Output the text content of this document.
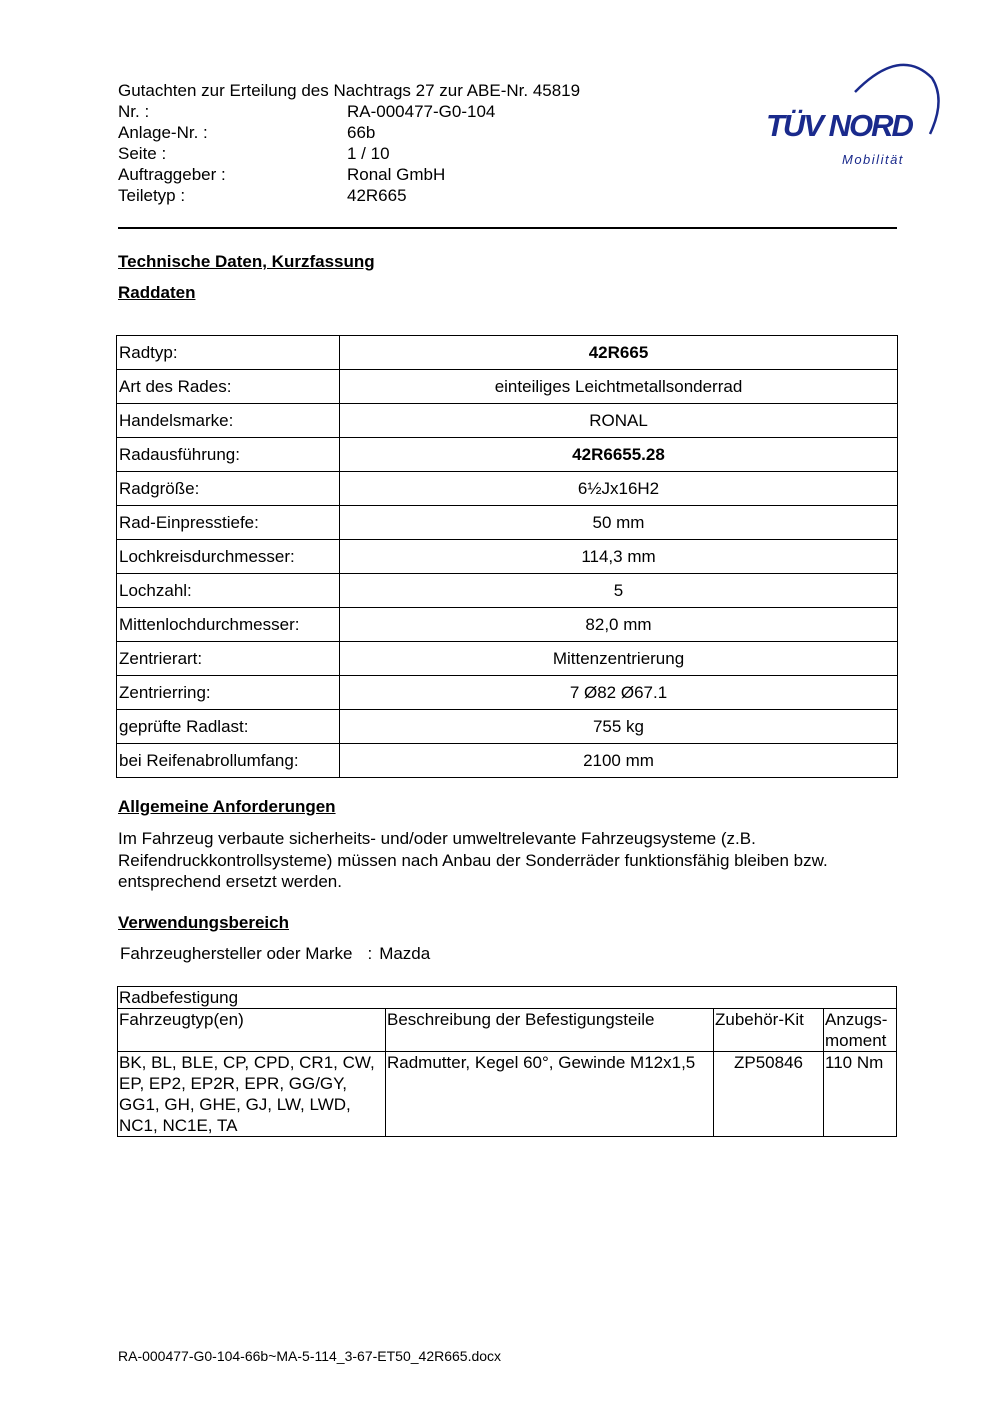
Gutachten zur Erteilung des Nachtrags 27 zur ABE-Nr. 45819
Nr. :	RA-000477-G0-104
Anlage-Nr. :	66b
Seite :	1 / 10
Auftraggeber :	Ronal GmbH
Teiletyp :	42R665
TÜV NORD
Mobilität
Technische Daten, Kurzfassung
Raddaten
Radtyp:	42R665
Art des Rades:	einteiliges Leichtmetallsonderrad
Handelsmarke:	RONAL
Radausführung:	42R6655.28
Radgröße:	6½Jx16H2
Rad-Einpresstiefe:	50 mm
Lochkreisdurchmesser:	114,3 mm
Lochzahl:	5
Mittenlochdurchmesser:	82,0 mm
Zentrierart:	Mittenzentrierung
Zentrierring:	7 Ø82 Ø67.1
geprüfte Radlast:	755 kg
bei Reifenabrollumfang:	2100 mm
Allgemeine Anforderungen
Im Fahrzeug verbaute sicherheits- und/oder umweltrelevante Fahrzeugsysteme (z.B. Reifendruckkontrollsysteme) müssen nach Anbau der Sonderräder funktionsfähig bleiben bzw. entsprechend ersetzt werden.
Verwendungsbereich
Fahrzeughersteller oder Marke : Mazda
Radbefestigung			
Fahrzeugtyp(en)	Beschreibung der Befestigungsteile	Zubehör-Kit	Anzugs-
moment

BK, BL, BLE, CP, CPD, CR1, CW, EP, EP2, EP2R, EPR, GG/GY, GG1, GH, GHE, GJ, LW, LWD, NC1, NC1E, TA	Radmutter, Kegel 60°, Gewinde M12x1,5	ZP50846	110 Nm
RA-000477-G0-104-66b~MA-5-114_3-67-ET50_42R665.docx
